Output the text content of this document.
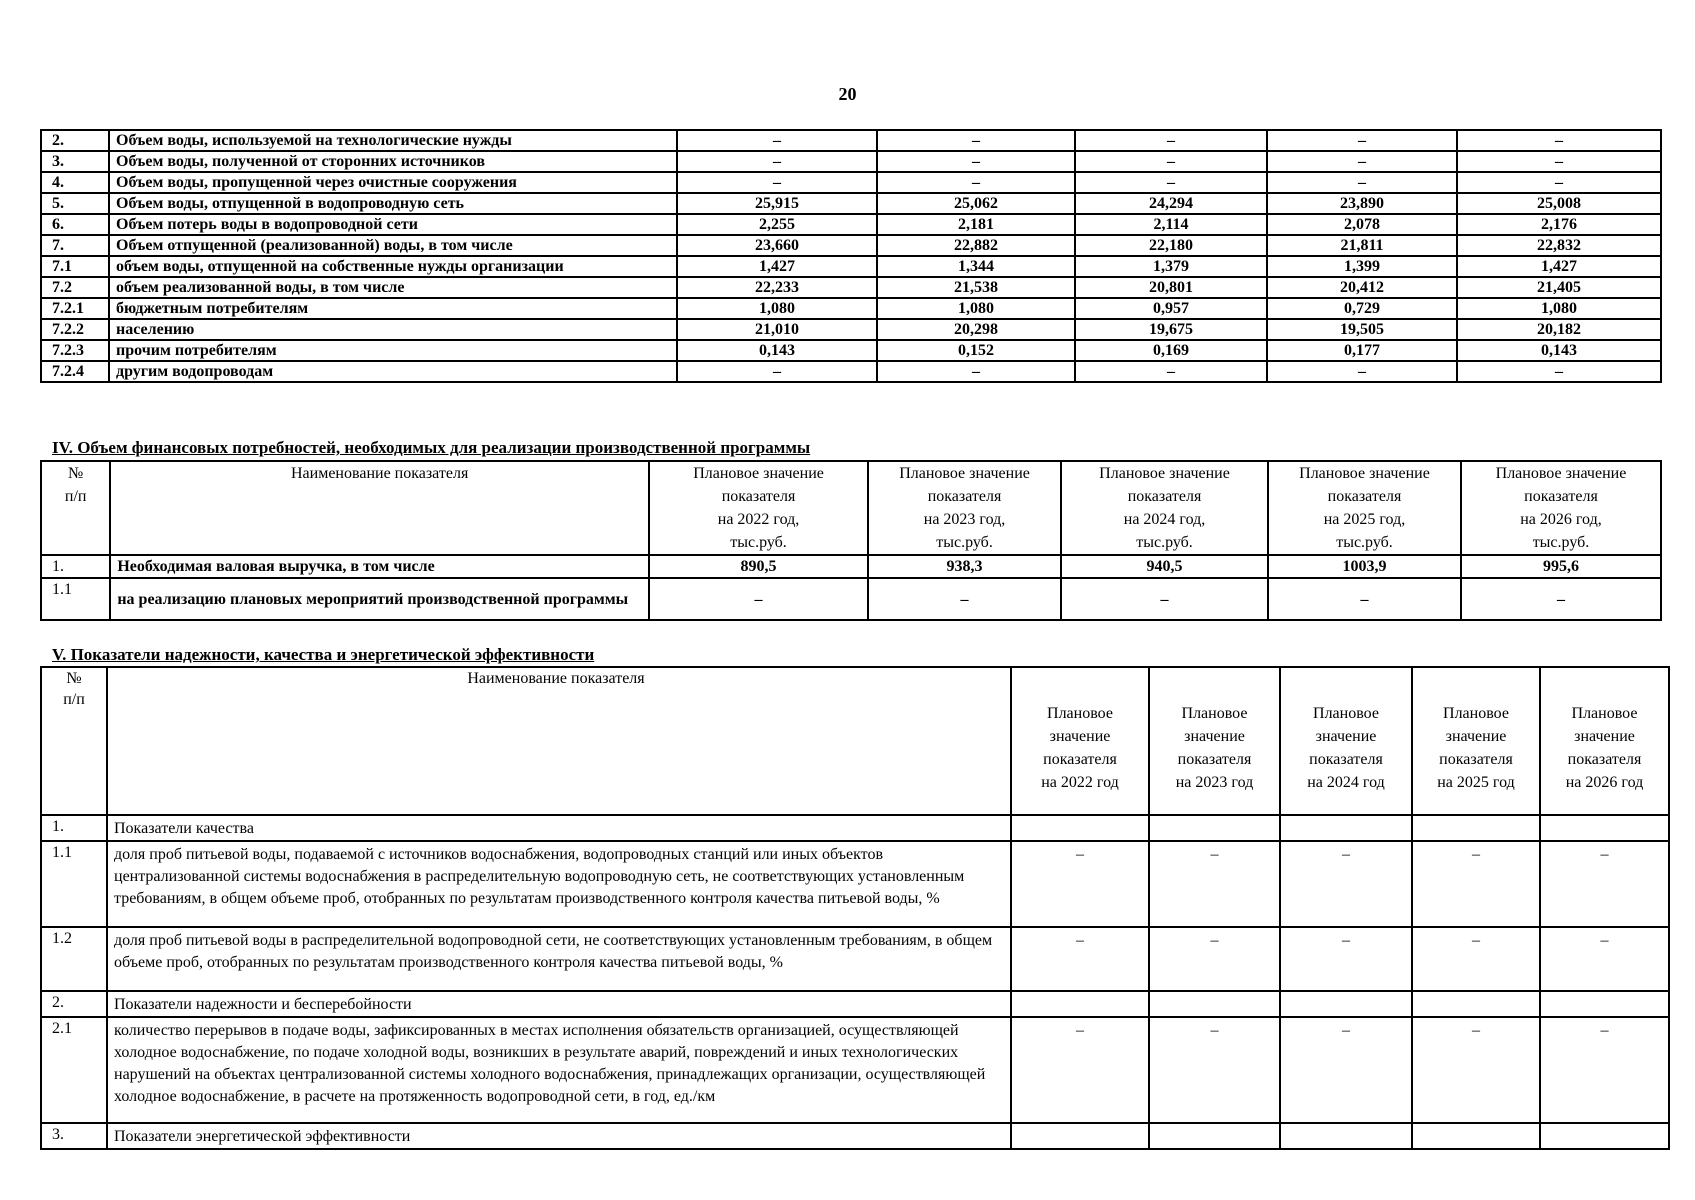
20
2.	Объем воды, используемой на технологические нужды	–	–	–	–	–
3.	Объем воды, полученной от сторонних источников	–	–	–	–	–
4.	Объем воды, пропущенной через очистные сооружения	–	–	–	–	–
5.	Объем воды, отпущенной в водопроводную сеть	25,915	25,062	24,294	23,890	25,008
6.	Объем потерь воды в водопроводной сети	2,255	2,181	2,114	2,078	2,176
7.	Объем отпущенной (реализованной) воды, в том числе	23,660	22,882	22,180	21,811	22,832
7.1	объем воды, отпущенной на собственные нужды организации	1,427	1,344	1,379	1,399	1,427
7.2	объем реализованной воды, в том числе	22,233	21,538	20,801	20,412	21,405
7.2.1	бюджетным потребителям	1,080	1,080	0,957	0,729	1,080
7.2.2	населению	21,010	20,298	19,675	19,505	20,182
7.2.3	прочим потребителям	0,143	0,152	0,169	0,177	0,143
7.2.4	другим водопроводам	–	–	–	–	–
IV. Объем финансовых потребностей, необходимых для реализации производственной программы
№
п/п	Наименование показателя	Плановое значение
показателя
на 2022 год,
тыс.руб.	Плановое значение
показателя
на 2023 год,
тыс.руб.	Плановое значение
показателя
на 2024 год,
тыс.руб.	Плановое значение
показателя
на 2025 год,
тыс.руб.	Плановое значение
показателя
на 2026 год,
тыс.руб.
1.	Необходимая валовая выручка, в том числе	890,5	938,3	940,5	1003,9	995,6
1.1	на реализацию плановых мероприятий производственной программы	–	–	–	–	–
V. Показатели надежности, качества и энергетической эффективности
№
п/п	Наименование показателя	Плановое
значение
показателя
на 2022 год	Плановое
значение
показателя
на 2023 год	Плановое
значение
показателя
на 2024 год	Плановое
значение
показателя
на 2025 год	Плановое
значение
показателя
на 2026 год
1.	Показатели качества					
1.1	доля проб питьевой воды, подаваемой с источников водоснабжения, водопроводных станций или иных объектов централизованной системы водоснабжения в распределительную водопроводную сеть, не соответствующих установленным требованиям, в общем объеме проб, отобранных по результатам производственного контроля качества питьевой воды, %	–	–	–	–	–
1.2	доля проб питьевой воды в распределительной водопроводной сети, не соответствующих установленным требованиям, в общем объеме проб, отобранных по результатам производственного контроля качества питьевой воды, %	–	–	–	–	–
2.	Показатели надежности и бесперебойности					
2.1	количество перерывов в подаче воды, зафиксированных в местах исполнения обязательств организацией, осуществляющей холодное водоснабжение, по подаче холодной воды, возникших в результате аварий, повреждений и иных технологических нарушений на объектах централизованной системы холодного водоснабжения, принадлежащих организации, осуществляющей холодное водоснабжение, в расчете на протяженность водопроводной сети, в год, ед./км	–	–	–	–	–
3.	Показатели энергетической эффективности					
